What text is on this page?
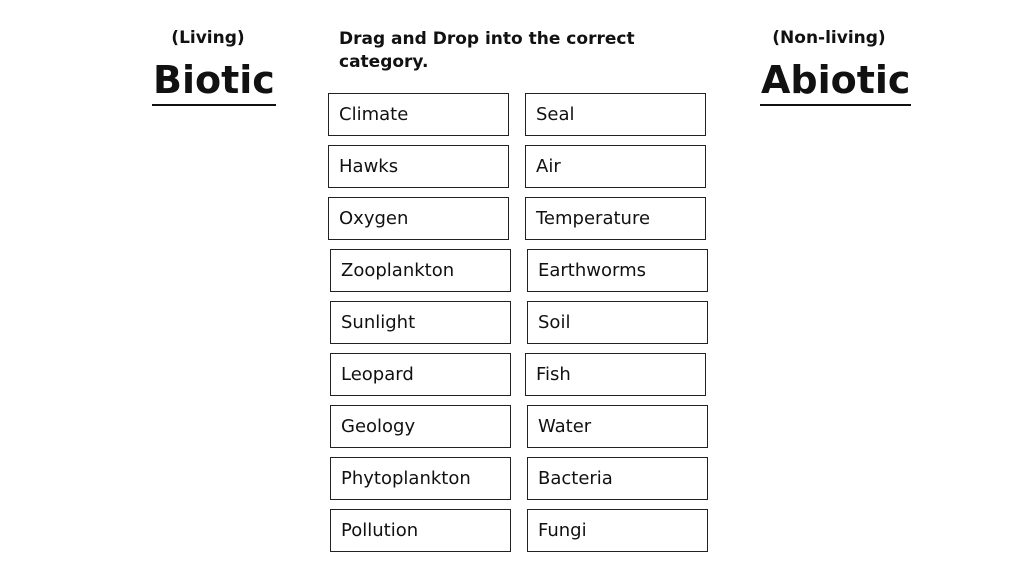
(Living)
Biotic
Drag and Drop into the correct category.
(Non-living)
Abiotic
Climate
Hawks
Oxygen
Zooplankton
Sunlight
Leopard
Geology
Phytoplankton
Pollution
Seal
Air
Temperature
Earthworms
Soil
Fish
Water
Bacteria
Fungi
